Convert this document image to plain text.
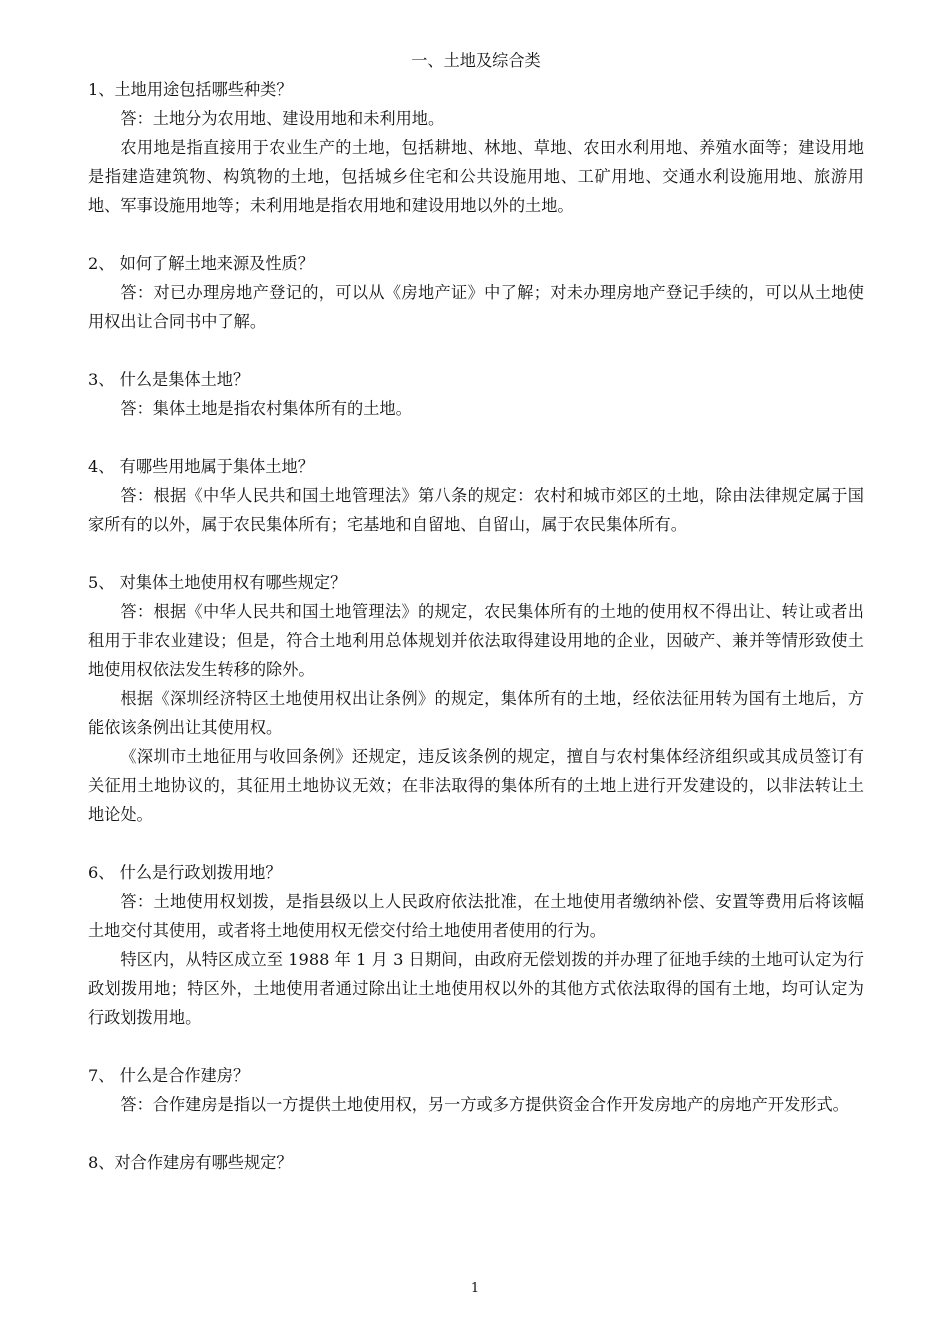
一、土地及综合类

1、土地用途包括哪些种类？

答：土地分为农用地、建设用地和未利用地。

农用地是指直接用于农业生产的土地，包括耕地、林地、草地、农田水利用地、养殖水面等；建设用地是指建造建筑物、构筑物的土地，包括城乡住宅和公共设施用地、工矿用地、交通水利设施用地、旅游用地、军事设施用地等；未利用地是指农用地和建设用地以外的土地。

2、 如何了解土地来源及性质？

答：对已办理房地产登记的，可以从《房地产证》中了解；对未办理房地产登记手续的，可以从土地使用权出让合同书中了解。

3、 什么是集体土地？

答：集体土地是指农村集体所有的土地。

4、 有哪些用地属于集体土地？

答：根据《中华人民共和国土地管理法》第八条的规定：农村和城市郊区的土地，除由法律规定属于国家所有的以外，属于农民集体所有；宅基地和自留地、自留山，属于农民集体所有。

5、 对集体土地使用权有哪些规定？

答：根据《中华人民共和国土地管理法》的规定，农民集体所有的土地的使用权不得出让、转让或者出租用于非农业建设；但是，符合土地利用总体规划并依法取得建设用地的企业，因破产、兼并等情形致使土地使用权依法发生转移的除外。

根据《深圳经济特区土地使用权出让条例》的规定，集体所有的土地，经依法征用转为国有土地后，方能依该条例出让其使用权。

《深圳市土地征用与收回条例》还规定，违反该条例的规定，擅自与农村集体经济组织或其成员签订有关征用土地协议的，其征用土地协议无效；在非法取得的集体所有的土地上进行开发建设的，以非法转让土地论处。

6、 什么是行政划拨用地？

答：土地使用权划拨，是指县级以上人民政府依法批准，在土地使用者缴纳补偿、安置等费用后将该幅土地交付其使用，或者将土地使用权无偿交付给土地使用者使用的行为。

特区内，从特区成立至 1988 年 1 月 3 日期间，由政府无偿划拨的并办理了征地手续的土地可认定为行政划拨用地；特区外，土地使用者通过除出让土地使用权以外的其他方式依法取得的国有土地，均可认定为行政划拨用地。

7、 什么是合作建房？

答：合作建房是指以一方提供土地使用权，另一方或多方提供资金合作开发房地产的房地产开发形式。

8、对合作建房有哪些规定？

1
